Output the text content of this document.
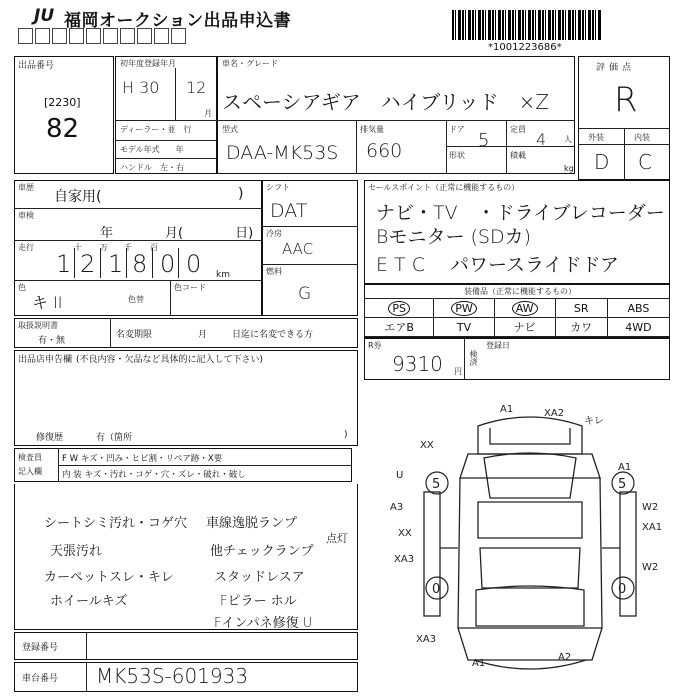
JU 福岡オークション出品申込書
*1001223686*
出品番号
[2230]
82
初年度登録年月
H 30 12
月
ディーラー・並　行
モデル年式　　年
ハンドル　左・右
車名・グレード
スペーシアギア　ハイブリッド　×Z
型式
DAA-MK53S
排気量
660
ドア
5
定員
4 人
形状	積載
kg
評価点
R
外装	内装
D C
車歴
自家用(	)
車検
年　　　　月(　　　　日)
走行	十 万 千 百
1 2 1 8 0 0 km
色
キ II	色替
色コード
シフト
DAT
冷房
AAC
燃料
G
セールスポイント（正常に機能するもの）
ナビ・TV　・ドライブレコーダー
Bモニター (SDカ)
E T C　 パワースライドドア
装備品（正常に機能するもの）
PS	PW	AW	SR	ABS
エアB	TV	ナビ	カワ	4WD
R券
9310 円
検済
登録日
取扱説明書
有・無
名変期限	月	日迄に名変できる方
出品店申告欄 (不良内容・欠品など具体的に記入して下さい)
修復歴	有（箇所	)
検査員
記入欄
F W キズ・凹み・ヒビ割・リペア跡・X要
内 装 キズ・汚れ・コゲ・穴・ズレ・破れ・破し
シートシミ汚れ・コゲ穴 車線逸脱ランプ
点灯
天張汚れ	他チェックランプ
カーペットスレ・キレ	スタッドレスア
ホイールキズ	Fピラー ホル
Fインパネ修復 U
登録番号
車台番号 MK53S-601933
5	5
0	0
A1	XA2
キレ
XX
U
A1
A3
XX
W2
XA1
XA3
W2
XA3
A1
A2
